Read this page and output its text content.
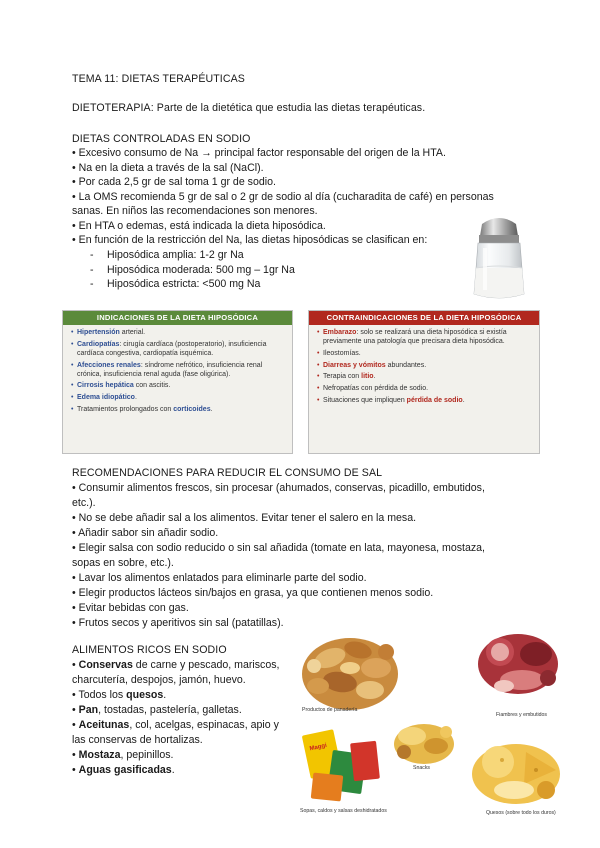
TEMA 11: DIETAS TERAPÉUTICAS
DIETOTERAPIA: Parte de la dietética que estudia las dietas terapéuticas.
DIETAS CONTROLADAS EN SODIO
• Excesivo consumo de Na → principal factor responsable del origen de la HTA.
• Na en la dieta a través de la sal (NaCl).
• Por cada 2,5 gr de sal toma 1 gr de sodio.
• La OMS recomienda 5 gr de sal o 2 gr de sodio al día (cucharadita de café) en personas
sanas. En niños las recomendaciones son menores.
• En HTA o edemas, está indicada la dieta hiposódica.
• En función de la restricción del Na, las dietas hiposódicas se clasifican en:
- Hiposódica amplia: 1-2 gr Na
- Hiposódica moderada: 500 mg – 1gr Na
- Hiposódica estricta: <500 mg Na
INDICACIONES DE LA DIETA HIPOSÓDICA
• Hipertensión arterial.
• Cardiopatías: cirugía cardíaca (postoperatorio), insuficiencia cardíaca congestiva, cardiopatía isquémica.
• Afecciones renales: síndrome nefrótico, insuficiencia renal crónica, insuficiencia renal aguda (fase oligúrica).
• Cirrosis hepática con ascitis.
• Edema idiopático.
• Tratamientos prolongados con corticoides.
CONTRAINDICACIONES DE LA DIETA HIPOSÓDICA
• Embarazo: solo se realizará una dieta hiposódica si existía previamente una patología que precisara dieta hiposódica.
• Ileostomías.
• Diarreas y vómitos abundantes.
• Terapia con litio.
• Nefropatías con pérdida de sodio.
• Situaciones que impliquen pérdida de sodio.
RECOMENDACIONES PARA REDUCIR EL CONSUMO DE SAL
• Consumir alimentos frescos, sin procesar (ahumados, conservas, picadillo, embutidos,
etc.).
• No se debe añadir sal a los alimentos. Evitar tener el salero en la mesa.
• Añadir sabor sin añadir sodio.
• Elegir salsa con sodio reducido o sin sal añadida (tomate en lata, mayonesa, mostaza,
sopas en sobre, etc.).
• Lavar los alimentos enlatados para eliminarle parte del sodio.
• Elegir productos lácteos sin/bajos en grasa, ya que contienen menos sodio.
• Evitar bebidas con gas.
• Frutos secos y aperitivos sin sal (patatillas).
ALIMENTOS RICOS EN SODIO
• Conservas de carne y pescado, mariscos,
charcutería, despojos, jamón, huevo.
• Todos los quesos.
• Pan, tostadas, pastelería, galletas.
• Aceitunas, col, acelgas, espinacas, apio y
las conservas de hortalizas.
• Mostaza, pepinillos.
• Aguas gasificadas.
Maggi
Productos de panadería
Fiambres y embutidos
Snacks
Sopas, caldos y salsas deshidratados	Quesos (sobre todo los duros)
